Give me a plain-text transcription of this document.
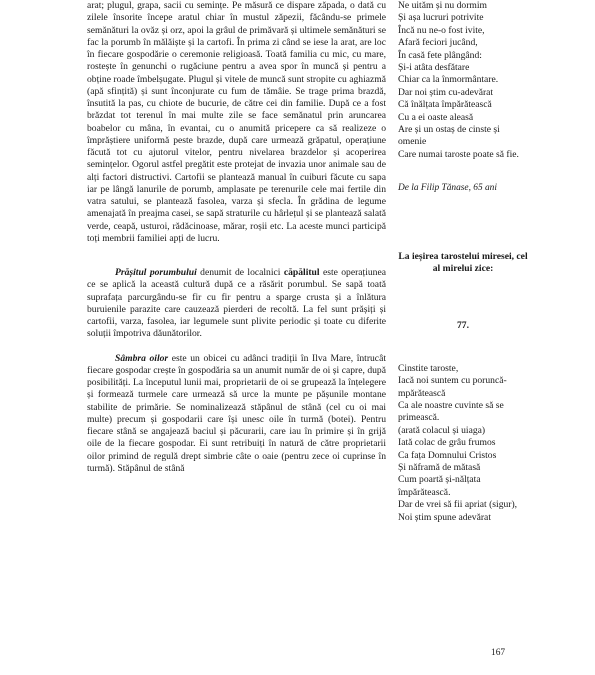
arat; plugul, grapa, sacii cu semințe. Pe măsură ce dispare zăpada, o dată cu zilele însorite începe aratul chiar în mustul zăpezii, făcându-se primele semănături la ovăz și orz, apoi la grâul de primăvară și ultimele semănături se fac la porumb în mălăiște și la cartofi. În prima zi când se iese la arat, are loc în fiecare gospodărie o ceremonie religioasă. Toată familia cu mic, cu mare, rostește în genunchi o rugăciune pentru a avea spor în muncă și pentru a obține roade îmbelșugate. Plugul și vitele de muncă sunt stropite cu aghiazmă (apă sfințită) și sunt înconjurate cu fum de tămâie. Se trage prima brazdă, însutită la pas, cu chiote de bucurie, de către cei din familie. După ce a fost brăzdat tot terenul în mai multe zile se face semănatul prin aruncarea boabelor cu mâna, în evantai, cu o anumită pricepere ca să realizeze o împrăștiere uniformă peste brazde, după care urmează grăpatul, operațiune făcută tot cu ajutorul vitelor, pentru nivelarea brazdelor și acoperirea semințelor. Ogorul astfel pregătit este protejat de invazia unor animale sau de alți factori distructivi. Cartofii se plantează manual în cuiburi făcute cu sapa iar pe lângă lanurile de porumb, amplasate pe terenurile cele mai fertile din vatra satului, se plantează fasolea, varza și sfecla. În grădina de legume amenajată în preajma casei, se sapă straturile cu hârlețul și se plantează salată verde, ceapă, usturoi, rădăcinoase, mărar, roșii etc. La aceste munci participă toți membrii familiei apți de lucru.

Prășitul porumbului denumit de localnici căpălitul este operațiunea ce se aplică la această cultură după ce a răsărit porumbul. Se sapă toată suprafața parcurgându-se fir cu fir pentru a sparge crusta și a înlătura buruienile parazite care cauzează pierderi de recoltă. La fel sunt prășiți și cartofii, varza, fasolea, iar legumele sunt plivite periodic și toate cu diferite soluții împotriva dăunătorilor.

Sâmbra oilor este un obicei cu adânci tradiții în Ilva Mare, întrucât fiecare gospodar crește în gospodăria sa un anumit număr de oi și capre, după posibilități. La începutul lunii mai, proprietarii de oi se grupează la înțelegere și formează turmele care urmează să urce la munte pe pășunile montane stabilite de primărie. Se nominalizează stăpânul de stână (cel cu oi mai multe) precum și gospodarii care își unesc oile în turmă (botei). Pentru fiecare stână se angajează baciul și păcurarii, care iau în primire și în grijă oile de la fiecare gospodar. Ei sunt retribuiți în natură de către proprietarii oilor primind de regulă drept simbrie câte o oaie (pentru zece oi cuprinse în turmă). Stăpânul de stână

Ne uităm și nu dormim
Și așa lucruri potrivite
Încă nu ne-o fost ivite,
Afară feciori jucând,
În casă fete plângând:
Și-i atâta desfătare
Chiar ca la înmormântare.
Dar noi știm cu-adevărat
Că înălțata împărătească
Cu a ei oaste aleasă
Are și un ostaș de cinste și omenie
Care numai taroste poate să fie.
De la Filip Tănase, 65 ani
La ieșirea tarostelui miresei, cel al mirelui zice:
77.
Cinstite taroste,
Iacă noi suntem cu poruncă-mpărătească
Ca ale noastre cuvinte să se primească.
(arată colacul și uiaga)
Iată colac de grâu frumos
Ca fața Domnului Cristos
Și năframă de mătasă
Cum poartă și-nălțata împărătească.
Dar de vrei să fii apriat (sigur),
Noi știm spune adevărat
167
